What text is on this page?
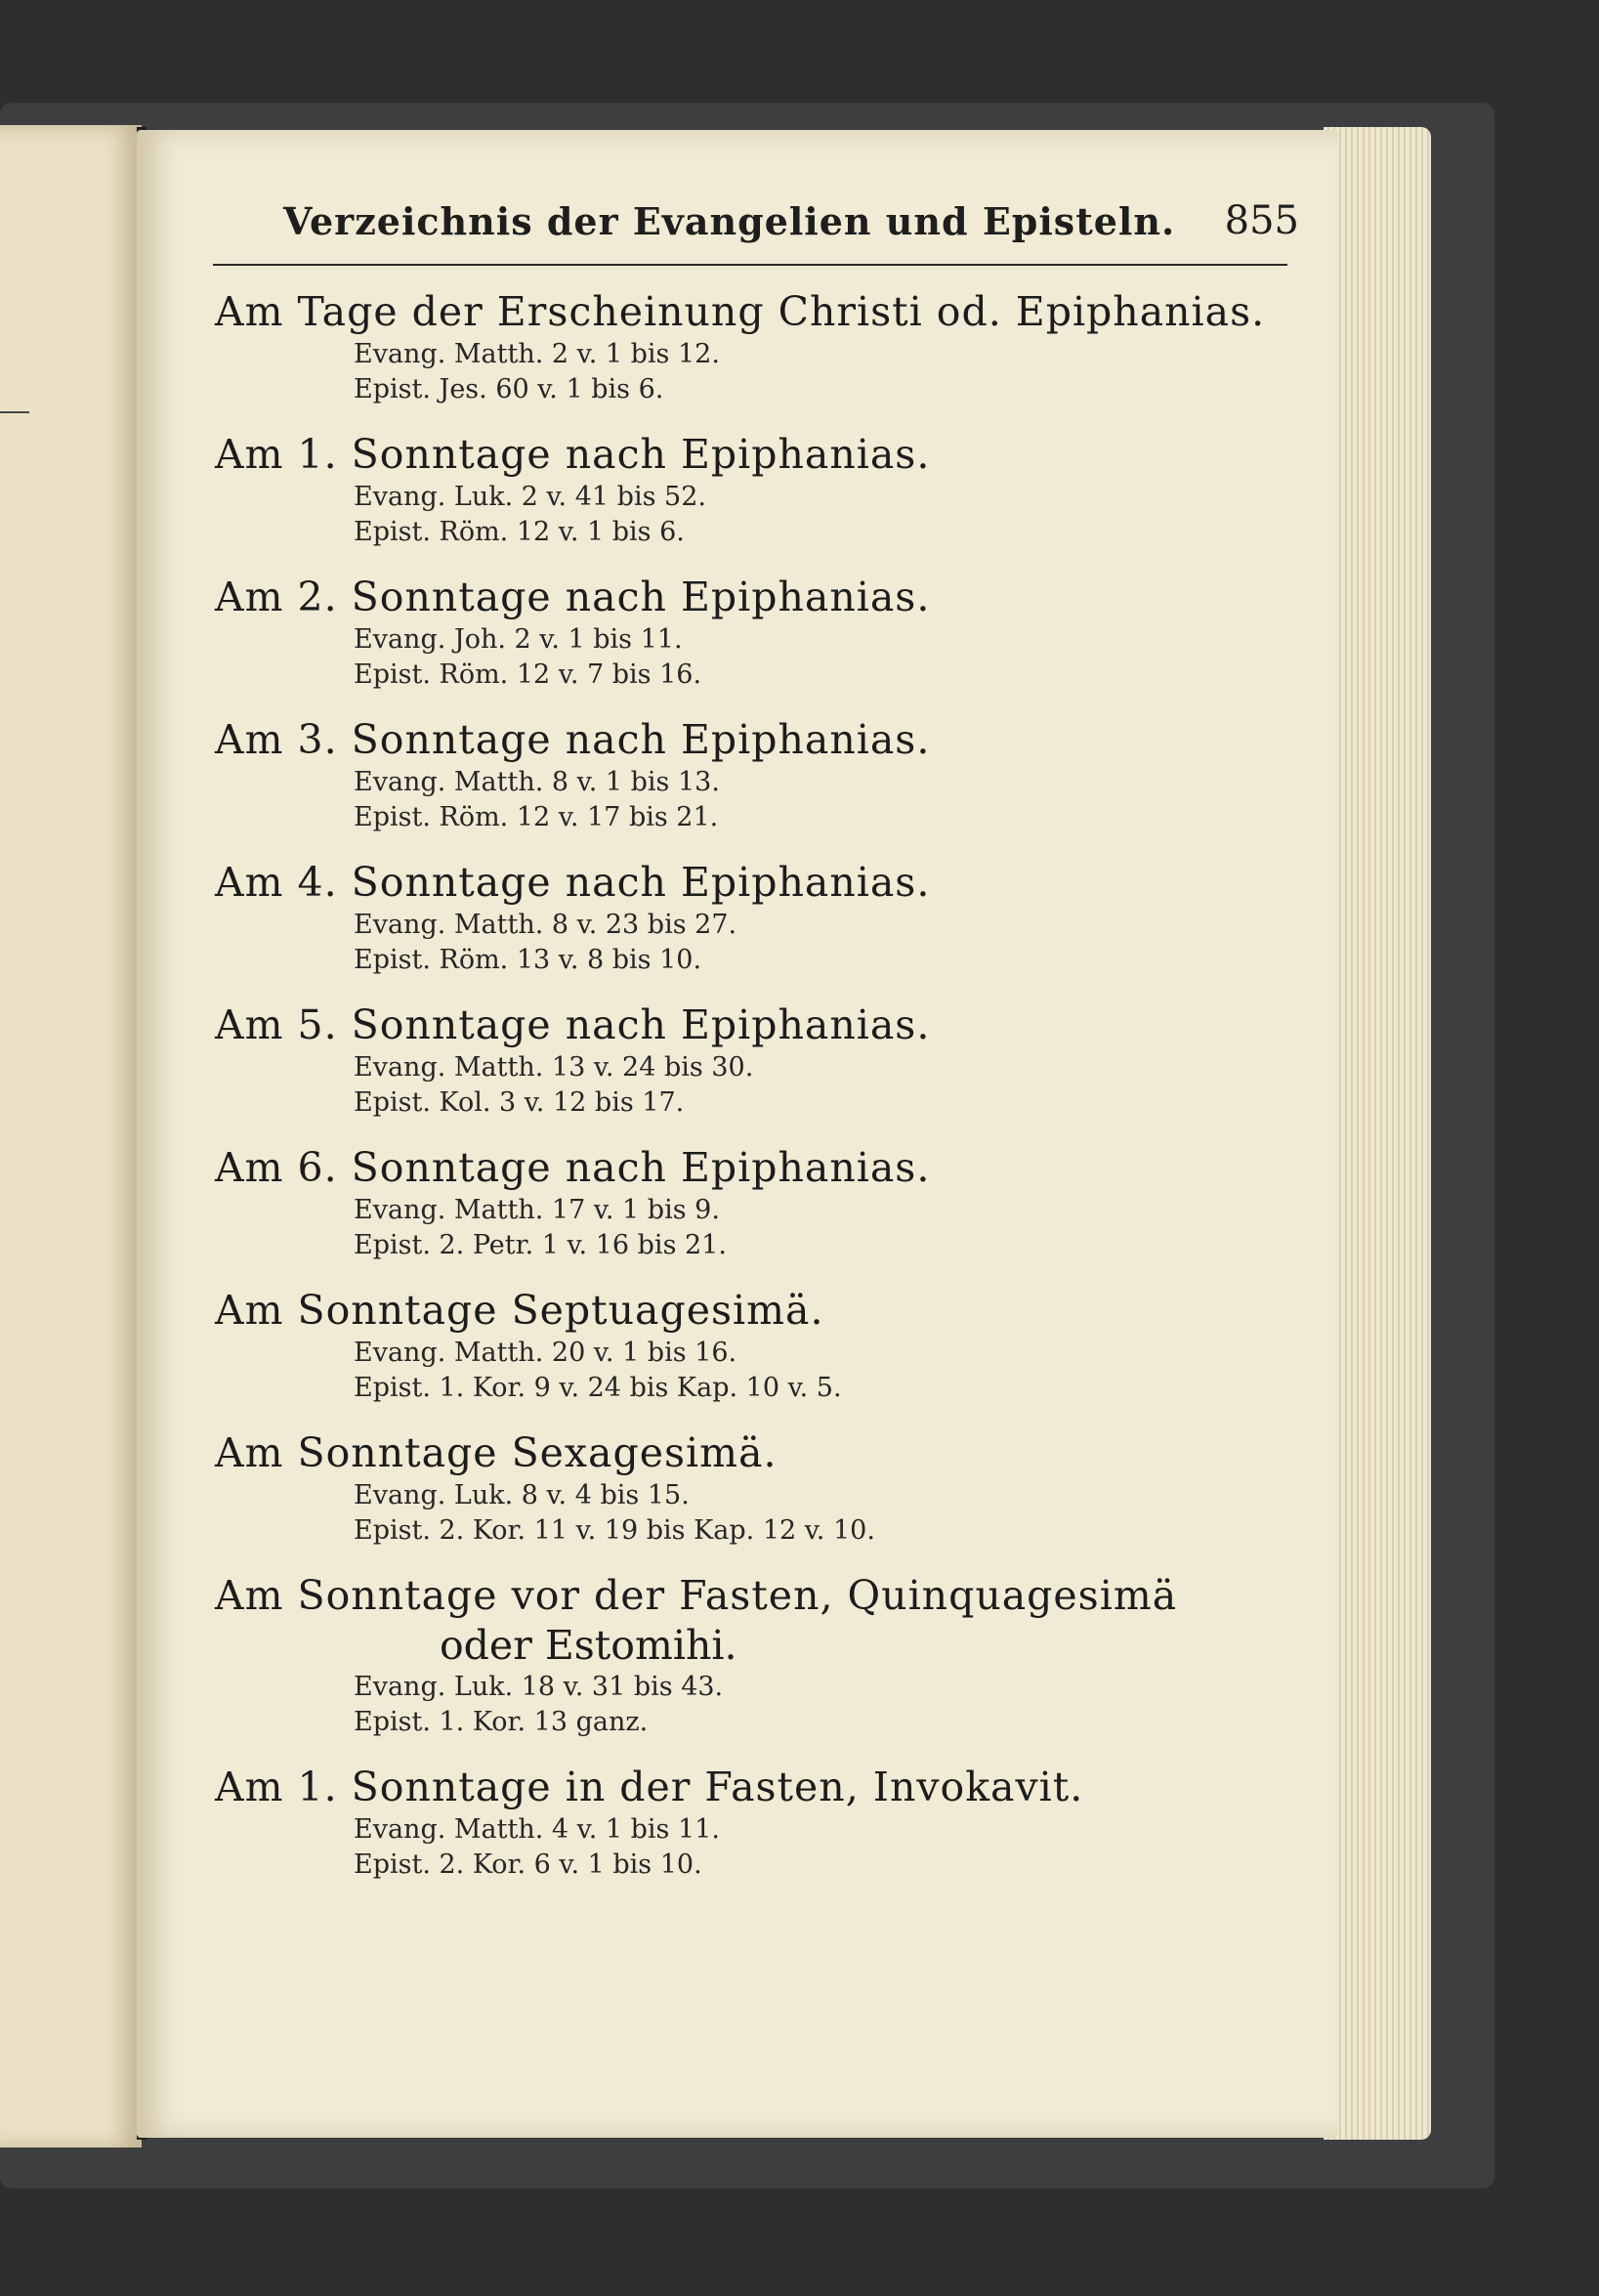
Verzeichnis der Evangelien und Episteln. 855
Am Tage der Erscheinung Christi od. Epiphanias.
Evang. Matth. 2 v. 1 bis 12.
Epist. Jes. 60 v. 1 bis 6.
Am 1. Sonntage nach Epiphanias.
Evang. Luk. 2 v. 41 bis 52.
Epist. Röm. 12 v. 1 bis 6.
Am 2. Sonntage nach Epiphanias.
Evang. Joh. 2 v. 1 bis 11.
Epist. Röm. 12 v. 7 bis 16.
Am 3. Sonntage nach Epiphanias.
Evang. Matth. 8 v. 1 bis 13.
Epist. Röm. 12 v. 17 bis 21.
Am 4. Sonntage nach Epiphanias.
Evang. Matth. 8 v. 23 bis 27.
Epist. Röm. 13 v. 8 bis 10.
Am 5. Sonntage nach Epiphanias.
Evang. Matth. 13 v. 24 bis 30.
Epist. Kol. 3 v. 12 bis 17.
Am 6. Sonntage nach Epiphanias.
Evang. Matth. 17 v. 1 bis 9.
Epist. 2. Petr. 1 v. 16 bis 21.
Am Sonntage Septuagesimä.
Evang. Matth. 20 v. 1 bis 16.
Epist. 1. Kor. 9 v. 24 bis Kap. 10 v. 5.
Am Sonntage Sexagesimä.
Evang. Luk. 8 v. 4 bis 15.
Epist. 2. Kor. 11 v. 19 bis Kap. 12 v. 10.
Am Sonntage vor der Fasten, Quinquagesimä
oder Estomihi.
Evang. Luk. 18 v. 31 bis 43.
Epist. 1. Kor. 13 ganz.
Am 1. Sonntage in der Fasten, Invokavit.
Evang. Matth. 4 v. 1 bis 11.
Epist. 2. Kor. 6 v. 1 bis 10.
